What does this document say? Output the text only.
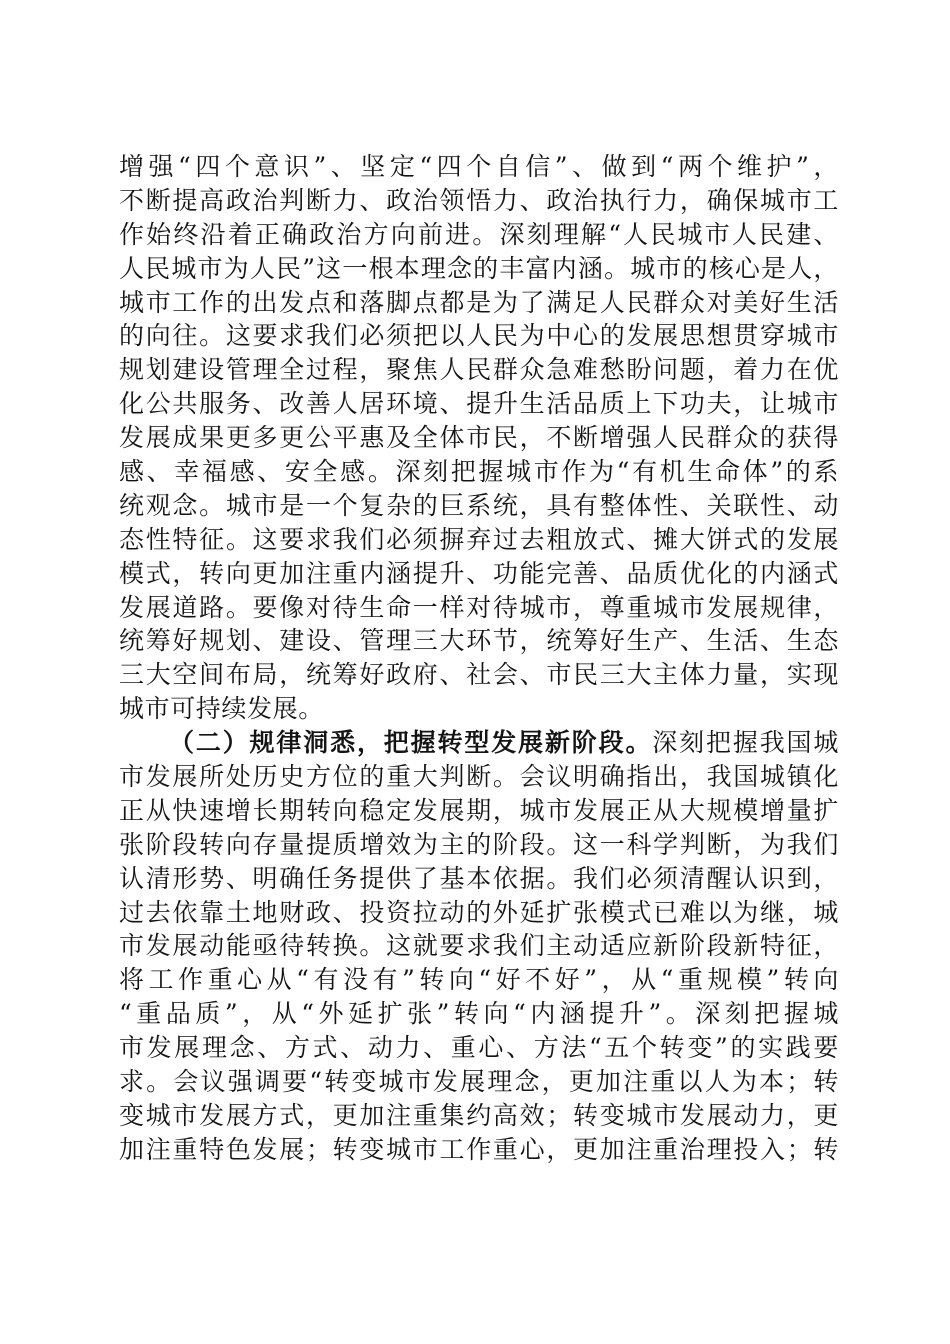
增强“四个意识”、坚定“四个自信”、做到“两个维护”，
不断提高政治判断力、政治领悟力、政治执行力，确保城市工
作始终沿着正确政治方向前进。深刻理解“人民城市人民建、
人民城市为人民”这一根本理念的丰富内涵。城市的核心是人，
城市工作的出发点和落脚点都是为了满足人民群众对美好生活
的向往。这要求我们必须把以人民为中心的发展思想贯穿城市
规划建设管理全过程，聚焦人民群众急难愁盼问题，着力在优
化公共服务、改善人居环境、提升生活品质上下功夫，让城市
发展成果更多更公平惠及全体市民，不断增强人民群众的获得
感、幸福感、安全感。深刻把握城市作为“有机生命体”的系
统观念。城市是一个复杂的巨系统，具有整体性、关联性、动
态性特征。这要求我们必须摒弃过去粗放式、摊大饼式的发展
模式，转向更加注重内涵提升、功能完善、品质优化的内涵式
发展道路。要像对待生命一样对待城市，尊重城市发展规律，
统筹好规划、建设、管理三大环节，统筹好生产、生活、生态
三大空间布局，统筹好政府、社会、市民三大主体力量，实现
城市可持续发展。
（二）规律洞悉，把握转型发展新阶段。深刻把握我国城
市发展所处历史方位的重大判断。会议明确指出，我国城镇化
正从快速增长期转向稳定发展期，城市发展正从大规模增量扩
张阶段转向存量提质增效为主的阶段。这一科学判断，为我们
认清形势、明确任务提供了基本依据。我们必须清醒认识到，
过去依靠土地财政、投资拉动的外延扩张模式已难以为继，城
市发展动能亟待转换。这就要求我们主动适应新阶段新特征，
将工作重心从“有没有”转向“好不好”，从“重规模”转向
“重品质”，从“外延扩张”转向“内涵提升”。深刻把握城
市发展理念、方式、动力、重心、方法“五个转变”的实践要
求。会议强调要“转变城市发展理念，更加注重以人为本；转
变城市发展方式，更加注重集约高效；转变城市发展动力，更
加注重特色发展；转变城市工作重心，更加注重治理投入；转
